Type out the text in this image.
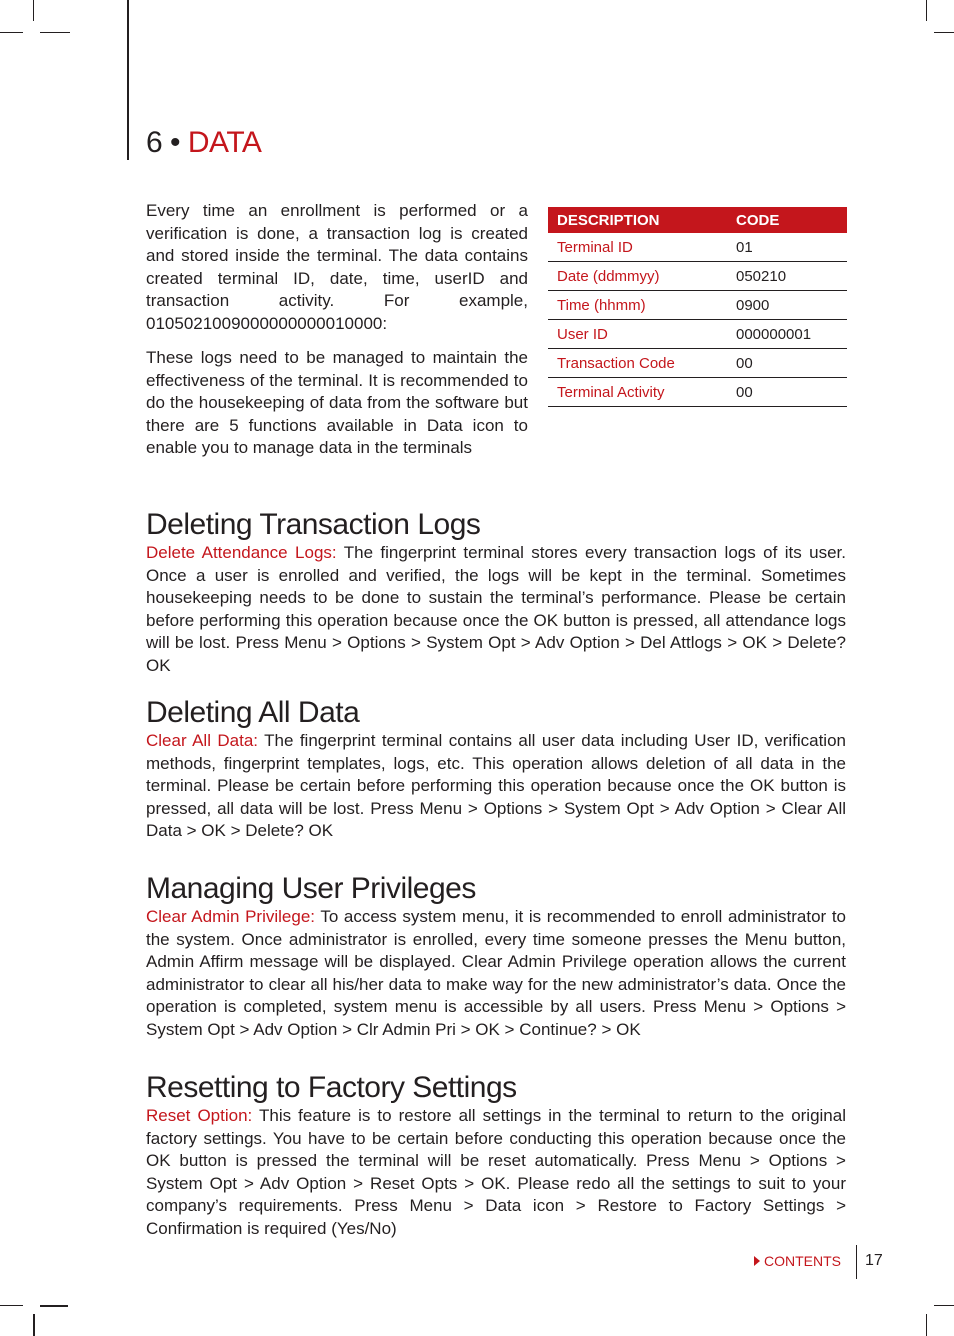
6 • DATA

Every time an enrollment is performed or a verification is done, a transaction log is created and stored inside the terminal. The data contains created terminal ID, date, time, userID and transaction activity. For example, 0105021009000000000010000:

These logs need to be managed to maintain the effectiveness of the terminal. It is recommended to do the housekeeping of data from the software but there are 5 functions available in Data icon to enable you to manage data in the terminals

DESCRIPTION	CODE
Terminal ID	01
Date (ddmmyy)	050210
Time (hhmm)	0900
User ID	000000001
Transaction Code	00
Terminal Activity	00
Deleting Transaction Logs

Delete Attendance Logs: The fingerprint terminal stores every transaction logs of its user. Once a user is enrolled and verified, the logs will be kept in the terminal. Sometimes housekeeping needs to be done to sustain the terminal’s performance. Please be certain before performing this operation because once the OK button is pressed, all attendance logs will be lost. Press Menu > Options > System Opt > Adv Option > Del Attlogs > OK > Delete? OK

Deleting All Data

Clear All Data: The fingerprint terminal contains all user data including User ID, verification methods, fingerprint templates, logs, etc. This operation allows deletion of all data in the terminal. Please be certain before performing this operation because once the OK button is pressed, all data will be lost. Press Menu > Options > System Opt > Adv Option > Clear All Data > OK > Delete? OK

Managing User Privileges

Clear Admin Privilege: To access system menu, it is recommended to enroll administrator to the system. Once administrator is enrolled, every time someone presses the Menu button, Admin Affirm message will be displayed. Clear Admin Privilege operation allows the current administrator to clear all his/her data to make way for the new administrator’s data. Once the operation is completed, system menu is accessible by all users. Press Menu > Options > System Opt > Adv Option > Clr Admin Pri > OK > Continue? > OK

Resetting to Factory Settings

Reset Option: This feature is to restore all settings in the terminal to return to the original factory settings. You have to be certain before conducting this operation because once the OK button is pressed the terminal will be reset automatically. Press Menu > Options > System Opt > Adv Option > Reset Opts > OK. Please redo all the settings to suit to your company’s requirements. Press Menu > Data icon > Restore to Factory Settings > Confirmation is required (Yes/No)

CONTENTS 17
